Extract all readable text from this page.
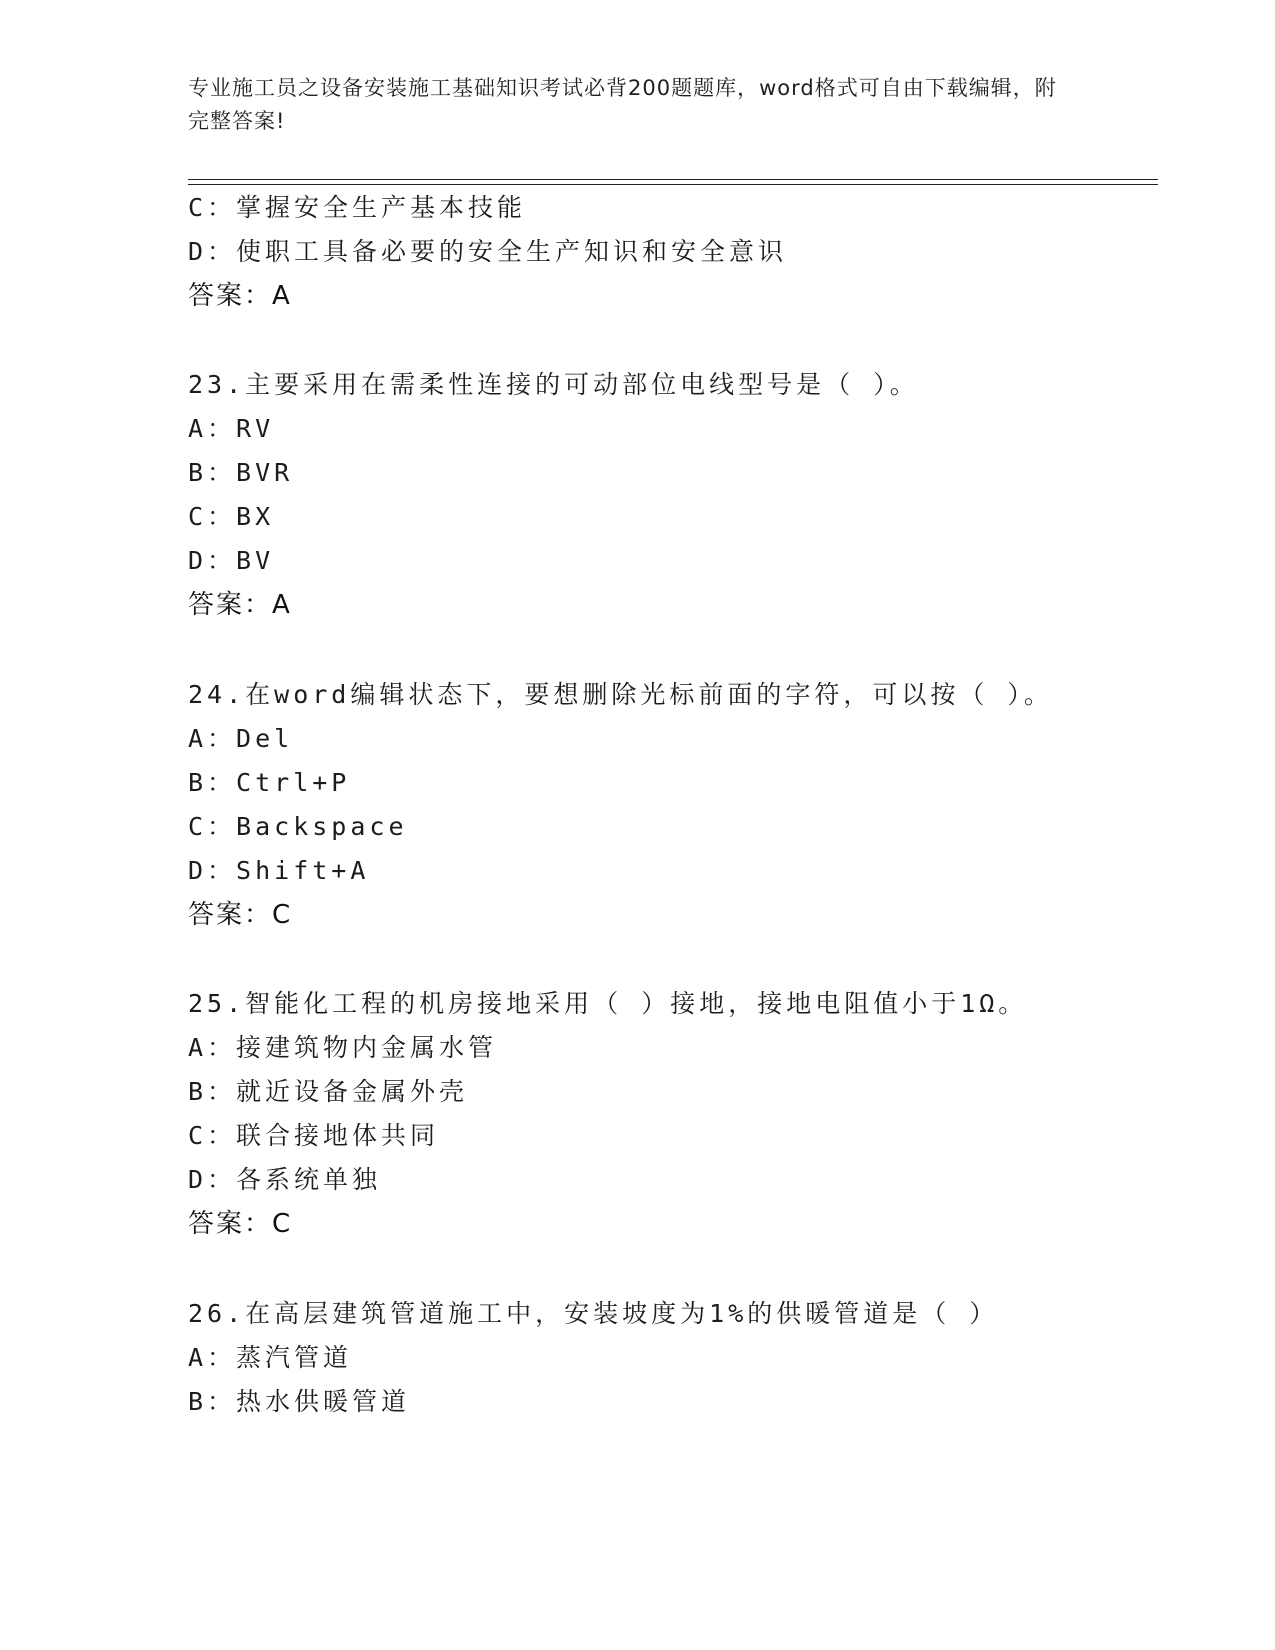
专业施工员之设备安装施工基础知识考试必背200题题库，word格式可自由下载编辑，附完整答案!
C：掌握安全生产基本技能
D：使职工具备必要的安全生产知识和安全意识
答案：A
23.主要采用在需柔性连接的可动部位电线型号是（ ）。
A：RV
B：BVR
C：BX
D：BV
答案：A
24.在word编辑状态下，要想删除光标前面的字符，可以按（ ）。
A：Del
B：Ctrl+P
C：Backspace
D：Shift+A
答案：C
25.智能化工程的机房接地采用（ ）接地，接地电阻值小于1Ω。
A：接建筑物内金属水管
B：就近设备金属外壳
C：联合接地体共同
D：各系统单独
答案：C
26.在高层建筑管道施工中，安装坡度为1%的供暖管道是（ ）
A：蒸汽管道
B：热水供暖管道
